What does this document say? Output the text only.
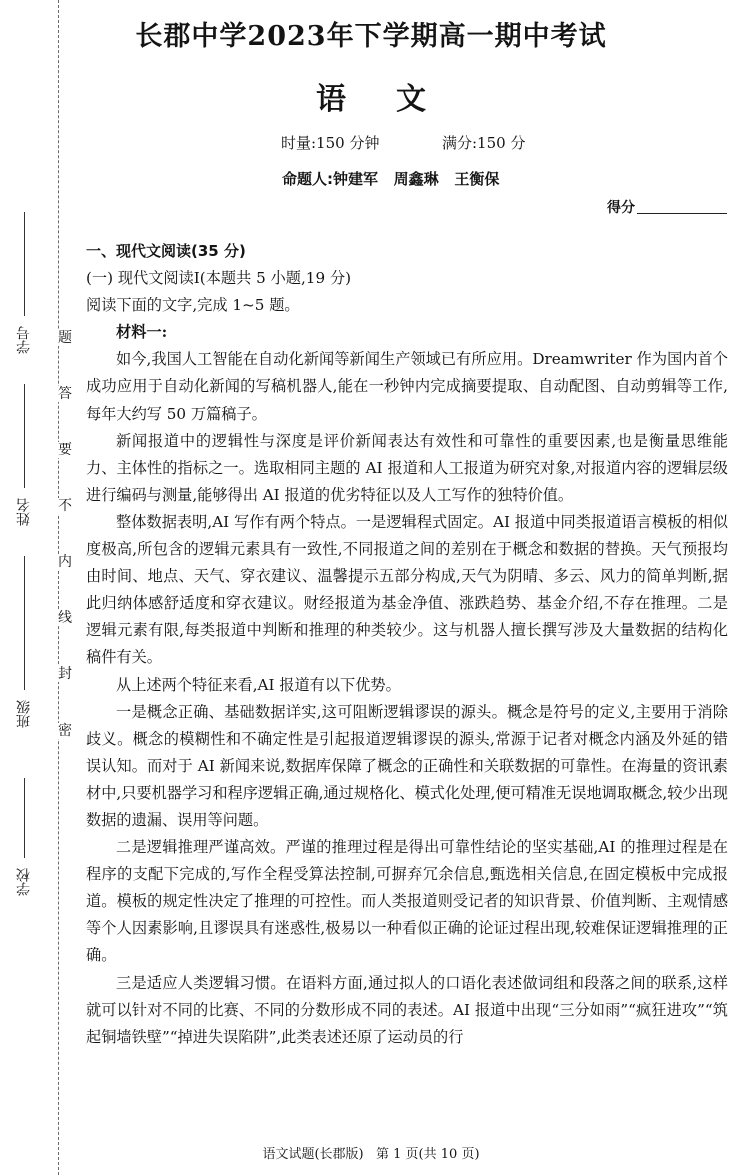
学号
姓名
班级
学校
密
封
线
内
不
要
答
题
长郡中学2023年下学期高一期中考试
语文
时量:150 分钟	满分:150 分
命题人:钟建军   周鑫琳   王衡保
得分

一、现代文阅读(35 分)

(一) 现代文阅读Ⅰ(本题共 5 小题,19 分)

阅读下面的文字,完成 1~5 题。

材料一:

如今,我国人工智能在自动化新闻等新闻生产领域已有所应用。Dreamwriter 作为国内首个成功应用于自动化新闻的写稿机器人,能在一秒钟内完成摘要提取、自动配图、自动剪辑等工作,每年大约写 50 万篇稿子。

新闻报道中的逻辑性与深度是评价新闻表达有效性和可靠性的重要因素,也是衡量思维能力、主体性的指标之一。选取相同主题的 AI 报道和人工报道为研究对象,对报道内容的逻辑层级进行编码与测量,能够得出 AI 报道的优劣特征以及人工写作的独特价值。

整体数据表明,AI 写作有两个特点。一是逻辑程式固定。AI 报道中同类报道语言模板的相似度极高,所包含的逻辑元素具有一致性,不同报道之间的差别在于概念和数据的替换。天气预报均由时间、地点、天气、穿衣建议、温馨提示五部分构成,天气为阴晴、多云、风力的简单判断,据此归纳体感舒适度和穿衣建议。财经报道为基金净值、涨跌趋势、基金介绍,不存在推理。二是逻辑元素有限,每类报道中判断和推理的种类较少。这与机器人擅长撰写涉及大量数据的结构化稿件有关。

从上述两个特征来看,AI 报道有以下优势。

一是概念正确、基础数据详实,这可阻断逻辑谬误的源头。概念是符号的定义,主要用于消除歧义。概念的模糊性和不确定性是引起报道逻辑谬误的源头,常源于记者对概念内涵及外延的错误认知。而对于 AI 新闻来说,数据库保障了概念的正确性和关联数据的可靠性。在海量的资讯素材中,只要机器学习和程序逻辑正确,通过规格化、模式化处理,便可精准无误地调取概念,较少出现数据的遗漏、误用等问题。

二是逻辑推理严谨高效。严谨的推理过程是得出可靠性结论的坚实基础,AI 的推理过程是在程序的支配下完成的,写作全程受算法控制,可摒弃冗余信息,甄选相关信息,在固定模板中完成报道。模板的规定性决定了推理的可控性。而人类报道则受记者的知识背景、价值判断、主观情感等个人因素影响,且谬误具有迷惑性,极易以一种看似正确的论证过程出现,较难保证逻辑推理的正确。

三是适应人类逻辑习惯。在语料方面,通过拟人的口语化表述做词组和段落之间的联系,这样就可以针对不同的比赛、不同的分数形成不同的表述。AI 报道中出现“三分如雨”“疯狂进攻”“筑起铜墙铁壁”“掉进失误陷阱”,此类表述还原了运动员的行

语文试题(长郡版)   第 1 页(共 10 页)
